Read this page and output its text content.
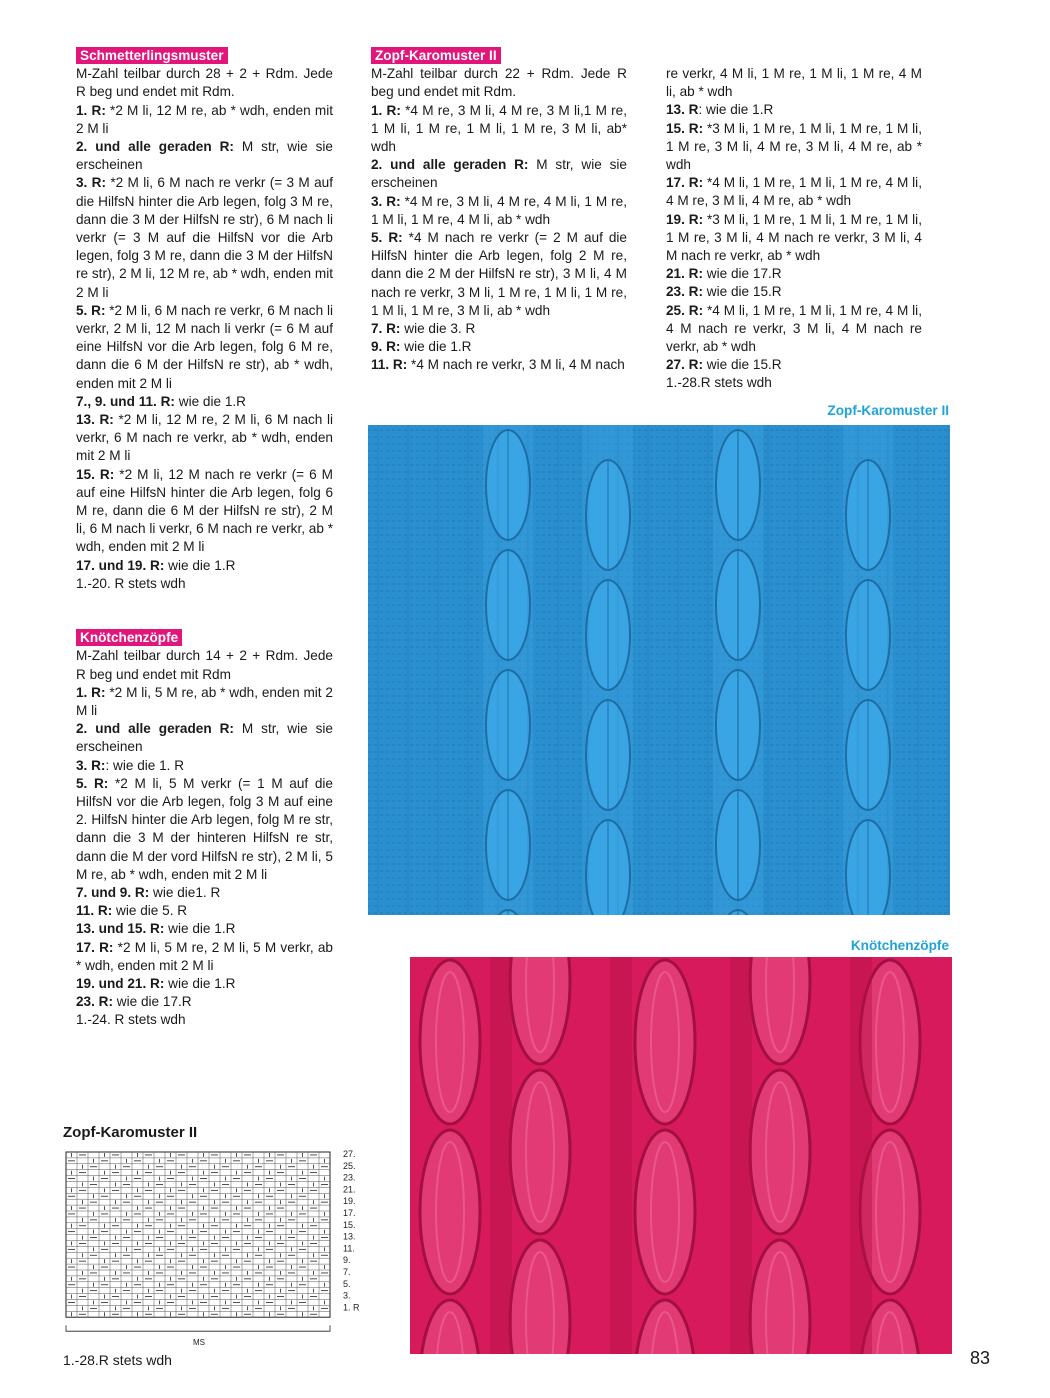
Schmetterlingsmuster

M-Zahl teilbar durch 28 + 2 + Rdm. Jede R beg und endet mit Rdm.

1. R: *2 M li, 12 M re, ab * wdh, enden mit 2 M li

2. und alle geraden R: M str, wie sie erscheinen

3. R: *2 M li, 6 M nach re verkr (= 3 M auf die HilfsN hinter die Arb legen, folg 3 M re, dann die 3 M der HilfsN re str), 6 M nach li verkr (= 3 M auf die HilfsN vor die Arb legen, folg 3 M re, dann die 3 M der HilfsN re str), 2 M li, 12 M re, ab * wdh, enden mit 2 M li

5. R: *2 M li, 6 M nach re verkr, 6 M nach li verkr, 2 M li, 12 M nach li verkr (= 6 M auf eine HilfsN vor die Arb legen, folg 6 M re, dann die 6 M der HilfsN re str), ab * wdh, enden mit 2 M li

7., 9. und 11. R: wie die 1.R

13. R: *2 M li, 12 M re, 2 M li, 6 M nach li verkr, 6 M nach re verkr, ab * wdh, enden mit 2 M li

15. R: *2 M li, 12 M nach re verkr (= 6 M auf eine HilfsN hinter die Arb legen, folg 6 M re, dann die 6 M der HilfsN re str), 2 M li, 6 M nach li verkr, 6 M nach re verkr, ab * wdh, enden mit 2 M li

17. und 19. R: wie die 1.R

1.-20. R stets wdh

Knötchenzöpfe

M-Zahl teilbar durch 14 + 2 + Rdm. Jede R beg und endet mit Rdm

1. R: *2 M li, 5 M re, ab * wdh, enden mit 2 M li

2. und alle geraden R: M str, wie sie erscheinen

3. R:: wie die 1. R

5. R: *2 M li, 5 M verkr (= 1 M auf die HilfsN vor die Arb legen, folg 3 M auf eine 2. HilfsN hinter die Arb legen, folg M re str, dann die 3 M der hinteren HilfsN re str, dann die M der vord HilfsN re str), 2 M li, 5 M re, ab * wdh, enden mit 2 M li

7. und 9. R: wie die1. R

11. R: wie die 5. R

13. und 15. R: wie die 1.R

17. R: *2 M li, 5 M re, 2 M li, 5 M verkr, ab * wdh, enden mit 2 M li

19. und 21. R: wie die 1.R

23. R: wie die 17.R

1.-24. R stets wdh

Zopf-Karomuster II

M-Zahl teilbar durch 22 + Rdm. Jede R beg und endet mit Rdm.

1. R: *4 M re, 3 M li, 4 M re, 3 M li,1 M re, 1 M li, 1 M re, 1 M li, 1 M re, 3 M li, ab* wdh

2. und alle geraden R: M str, wie sie erscheinen

3. R: *4 M re, 3 M li, 4 M re, 4 M li, 1 M re, 1 M li, 1 M re, 4 M li, ab * wdh

5. R: *4 M nach re verkr (= 2 M auf die HilfsN hinter die Arb legen, folg 2 M re, dann die 2 M der HilfsN re str), 3 M li, 4 M nach re verkr, 3 M li, 1 M re, 1 M li, 1 M re, 1 M li, 1 M re, 3 M li, ab * wdh

7. R: wie die 3. R

9. R: wie die 1.R

11. R: *4 M nach re verkr, 3 M li, 4 M nach

re verkr, 4 M li, 1 M re, 1 M li, 1 M re, 4 M li, ab * wdh

13. R: wie die 1.R

15. R: *3 M li, 1 M re, 1 M li, 1 M re, 1 M li, 1 M re, 3 M li, 4 M re, 3 M li, 4 M re, ab * wdh

17. R: *4 M li, 1 M re, 1 M li, 1 M re, 4 M li, 4 M re, 3 M li, 4 M re, ab * wdh

19. R: *3 M li, 1 M re, 1 M li, 1 M re, 1 M li, 1 M re, 3 M li, 4 M nach re verkr, 3 M li, 4 M nach re verkr, ab * wdh

21. R: wie die 17.R

23. R: wie die 15.R

25. R: *4 M li, 1 M re, 1 M li, 1 M re, 4 M li, 4 M nach re verkr, 3 M li, 4 M nach re verkr, ab * wdh

27. R: wie die 15.R

1.-28.R stets wdh

Zopf-Karomuster II
Knötchenzöpfe
Zopf-Karomuster II
27.
25.
23.
21.
19.
17.
15.
13.
11.
9.
7.
5.
3.
1. R
MS
1.-28.R stets wdh	83
